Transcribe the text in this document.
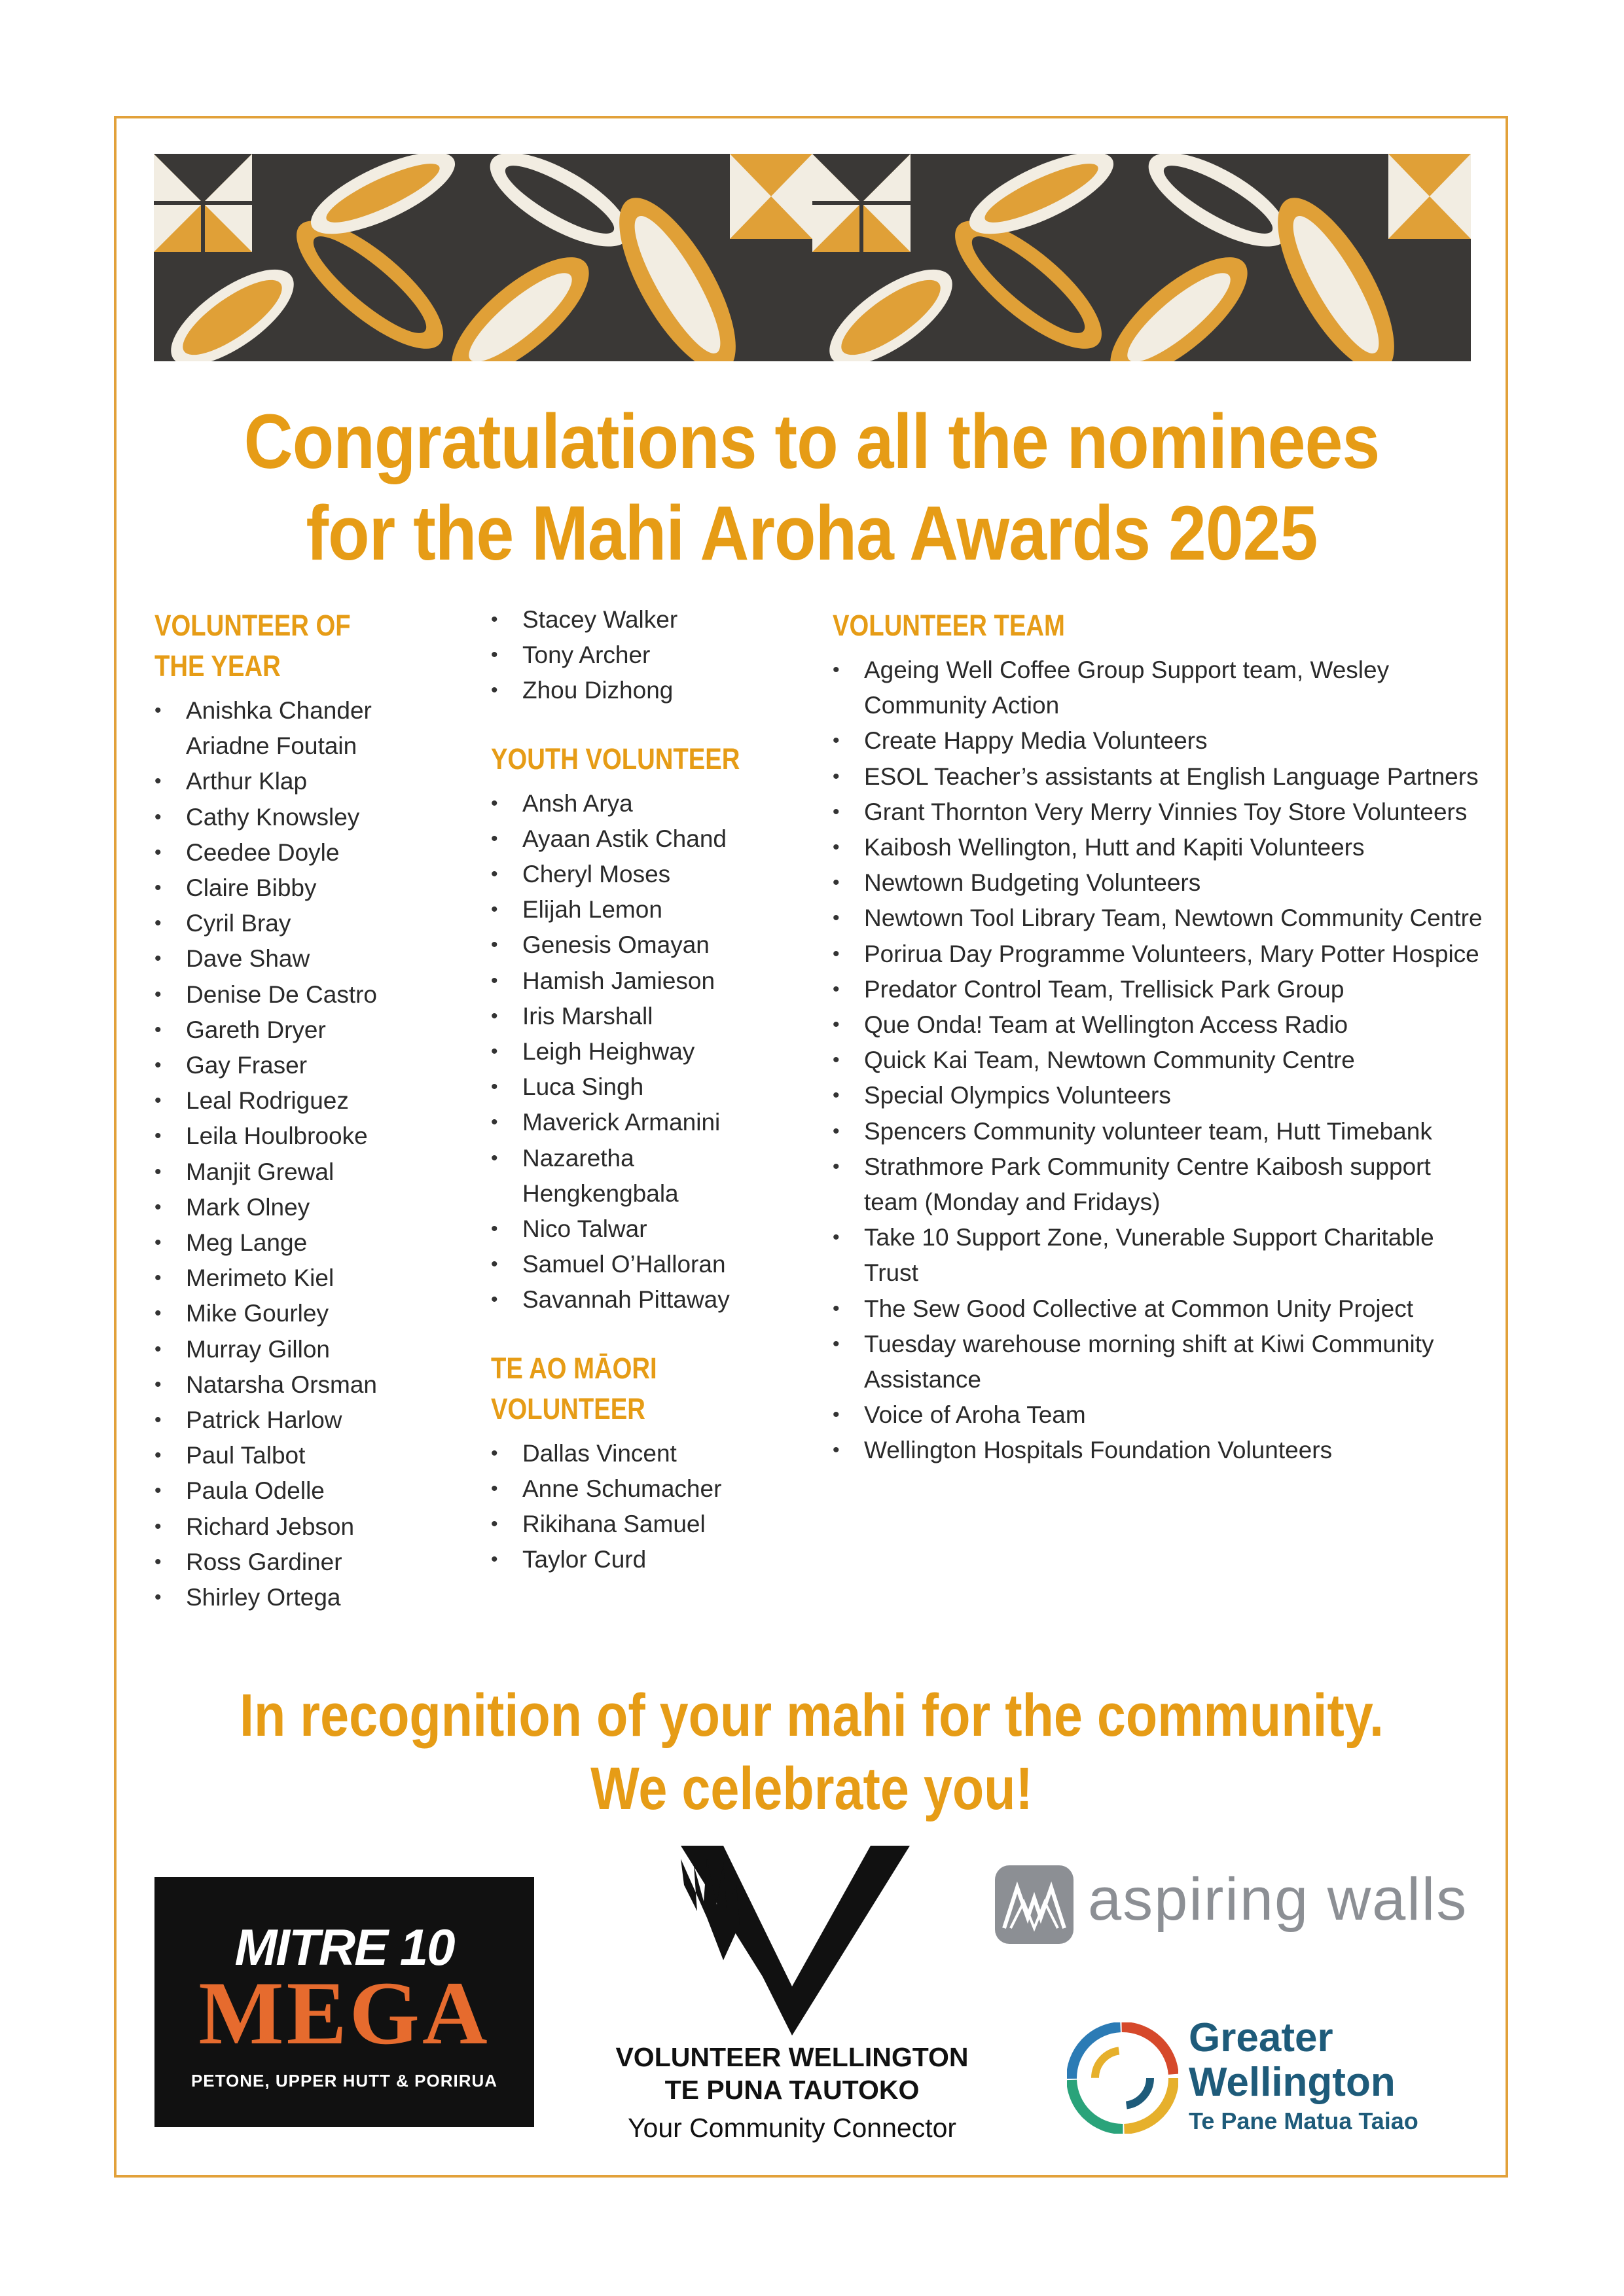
Congratulations to all the nominees
for the Mahi Aroha Awards 2025
VOLUNTEER OF
THE YEAR
• Anishka Chander
Ariadne Foutain
• Arthur Klap
• Cathy Knowsley
• Ceedee Doyle
• Claire Bibby
• Cyril Bray
• Dave Shaw
• Denise De Castro
• Gareth Dryer
• Gay Fraser
• Leal Rodriguez
• Leila Houlbrooke
• Manjit Grewal
• Mark Olney
• Meg Lange
• Merimeto Kiel
• Mike Gourley
• Murray Gillon
• Natarsha Orsman
• Patrick Harlow
• Paul Talbot
• Paula Odelle
• Richard Jebson
• Ross Gardiner
• Shirley Ortega
• Stacey Walker
• Tony Archer
• Zhou Dizhong
YOUTH VOLUNTEER
• Ansh Arya
• Ayaan Astik Chand
• Cheryl Moses
• Elijah Lemon
• Genesis Omayan
• Hamish Jamieson
• Iris Marshall
• Leigh Heighway
• Luca Singh
• Maverick Armanini
• Nazaretha
Hengkengbala
• Nico Talwar
• Samuel O’Halloran
• Savannah Pittaway
TE AO MĀORI
VOLUNTEER
• Dallas Vincent
• Anne Schumacher
• Rikihana Samuel
• Taylor Curd
VOLUNTEER TEAM
• Ageing Well Coffee Group Support team, Wesley Community Action
• Create Happy Media Volunteers
• ESOL Teacher’s assistants at English Language Partners
• Grant Thornton Very Merry Vinnies Toy Store Volunteers
• Kaibosh Wellington, Hutt and Kapiti Volunteers
• Newtown Budgeting Volunteers
• Newtown Tool Library Team, Newtown Community Centre
• Porirua Day Programme Volunteers, Mary Potter Hospice
• Predator Control Team, Trellisick Park Group
• Que Onda! Team at Wellington Access Radio
• Quick Kai Team, Newtown Community Centre
• Special Olympics Volunteers
• Spencers Community volunteer team, Hutt Timebank
• Strathmore Park Community Centre Kaibosh support team (Monday and Fridays)
• Take 10 Support Zone, Vunerable Support Charitable Trust
• The Sew Good Collective at Common Unity Project
• Tuesday warehouse morning shift at Kiwi Community Assistance
• Voice of Aroha Team
• Wellington Hospitals Foundation Volunteers
In recognition of your mahi for the community.
We celebrate you!
MITRE 10
MEGA
PETONE, UPPER HUTT & PORIRUA
VOLUNTEER WELLINGTON
TE PUNA TAUTOKO
Your Community Connector
aspiring walls
Greater
Wellington
Te Pane Matua Taiao
